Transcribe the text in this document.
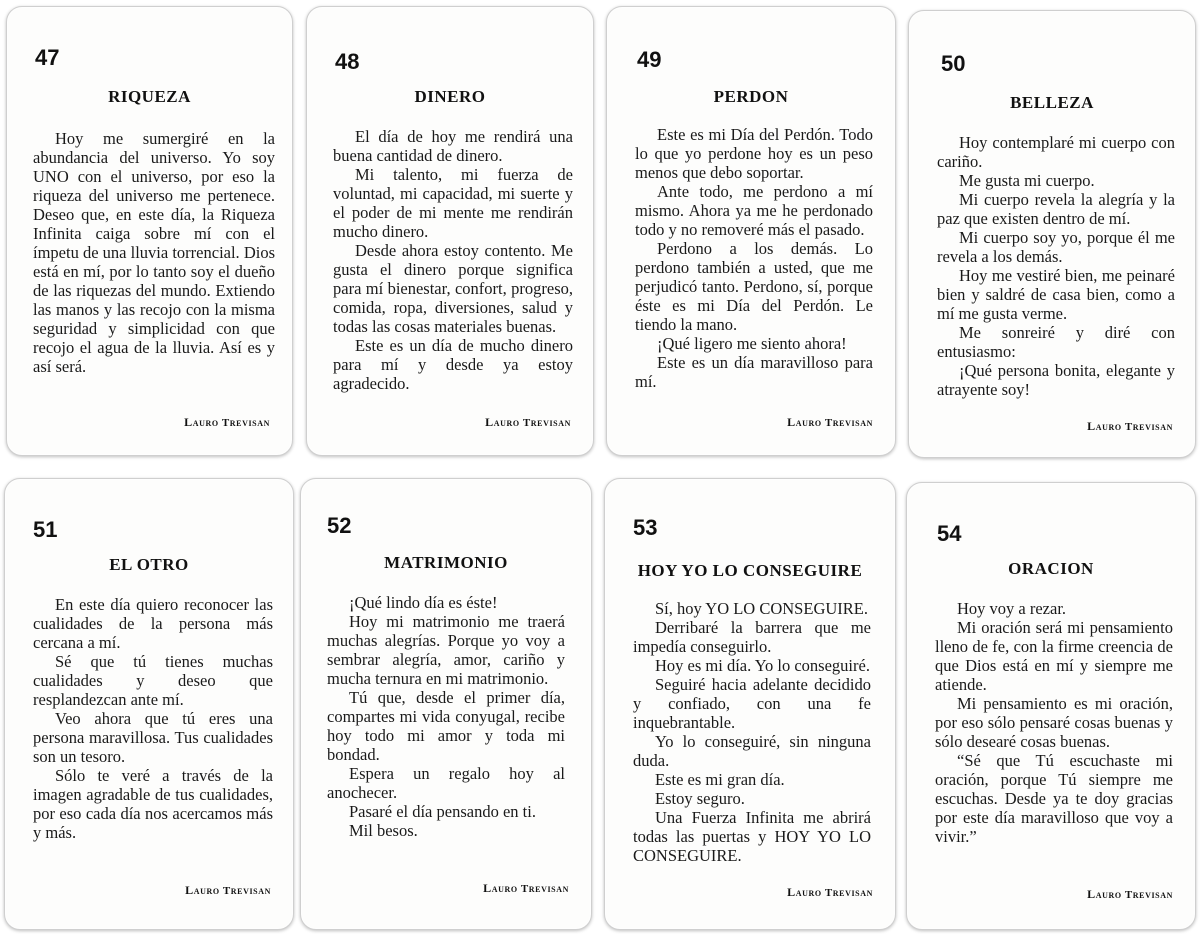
47
RIQUEZA

Hoy me sumergiré en la abundancia del universo. Yo soy UNO con el universo, por eso la riqueza del universo me pertenece. Deseo que, en este día, la Riqueza Infinita caiga sobre mí con el ímpetu de una lluvia torrencial. Dios está en mí, por lo tanto soy el dueño de las riquezas del mundo. Extiendo las manos y las recojo con la misma seguridad y simplicidad con que recojo el agua de la lluvia. Así es y así será.

Lauro Trevisan
48
DINERO

El día de hoy me rendirá una buena cantidad de dinero.

Mi talento, mi fuerza de voluntad, mi capacidad, mi suerte y el poder de mi mente me rendirán mucho dinero.

Desde ahora estoy contento. Me gusta el dinero porque significa para mí bienestar, confort, progreso, comida, ropa, diversiones, salud y todas las cosas materiales buenas.

Este es un día de mucho dinero para mí y desde ya estoy agradecido.

Lauro Trevisan
49
PERDON

Este es mi Día del Perdón. Todo lo que yo perdone hoy es un peso menos que debo soportar.

Ante todo, me perdono a mí mismo. Ahora ya me he perdonado todo y no removeré más el pasado.

Perdono a los demás. Lo perdono también a usted, que me perjudicó tanto. Perdono, sí, porque éste es mi Día del Perdón. Le tiendo la mano.

¡Qué ligero me siento ahora!

Este es un día maravilloso para mí.

Lauro Trevisan
50
BELLEZA

Hoy contemplaré mi cuerpo con cariño.

Me gusta mi cuerpo.

Mi cuerpo revela la alegría y la paz que existen dentro de mí.

Mi cuerpo soy yo, porque él me revela a los demás.

Hoy me vestiré bien, me peinaré bien y saldré de casa bien, como a mí me gusta verme.

Me sonreiré y diré con entusiasmo:

¡Qué persona bonita, elegante y atrayente soy!

Lauro Trevisan
51
EL OTRO

En este día quiero reconocer las cualidades de la persona más cercana a mí.

Sé que tú tienes muchas cualidades y deseo que resplandezcan ante mí.

Veo ahora que tú eres una persona maravillosa. Tus cualidades son un tesoro.

Sólo te veré a través de la imagen agradable de tus cualidades, por eso cada día nos acercamos más y más.

Lauro Trevisan
52
MATRIMONIO

¡Qué lindo día es éste!

Hoy mi matrimonio me traerá muchas alegrías. Porque yo voy a sembrar alegría, amor, cariño y mucha ternura en mi matrimonio.

Tú que, desde el primer día, compartes mi vida conyugal, recibe hoy todo mi amor y toda mi bondad.

Espera un regalo hoy al anochecer.

Pasaré el día pensando en ti.

Mil besos.

Lauro Trevisan
53
HOY YO LO CONSEGUIRE

Sí, hoy YO LO CONSEGUIRE.

Derribaré la barrera que me impedía conseguirlo.

Hoy es mi día. Yo lo conseguiré.

Seguiré hacia adelante decidido y confiado, con una fe inquebrantable.

Yo lo conseguiré, sin ninguna duda.

Este es mi gran día.

Estoy seguro.

Una Fuerza Infinita me abrirá todas las puertas y HOY YO LO CONSEGUIRE.

Lauro Trevisan
54
ORACION

Hoy voy a rezar.

Mi oración será mi pensamiento lleno de fe, con la firme creencia de que Dios está en mí y siempre me atiende.

Mi pensamiento es mi oración, por eso sólo pensaré cosas buenas y sólo desearé cosas buenas.

“Sé que Tú escuchaste mi oración, porque Tú siempre me escuchas. Desde ya te doy gracias por este día maravilloso que voy a vivir.”

Lauro Trevisan
